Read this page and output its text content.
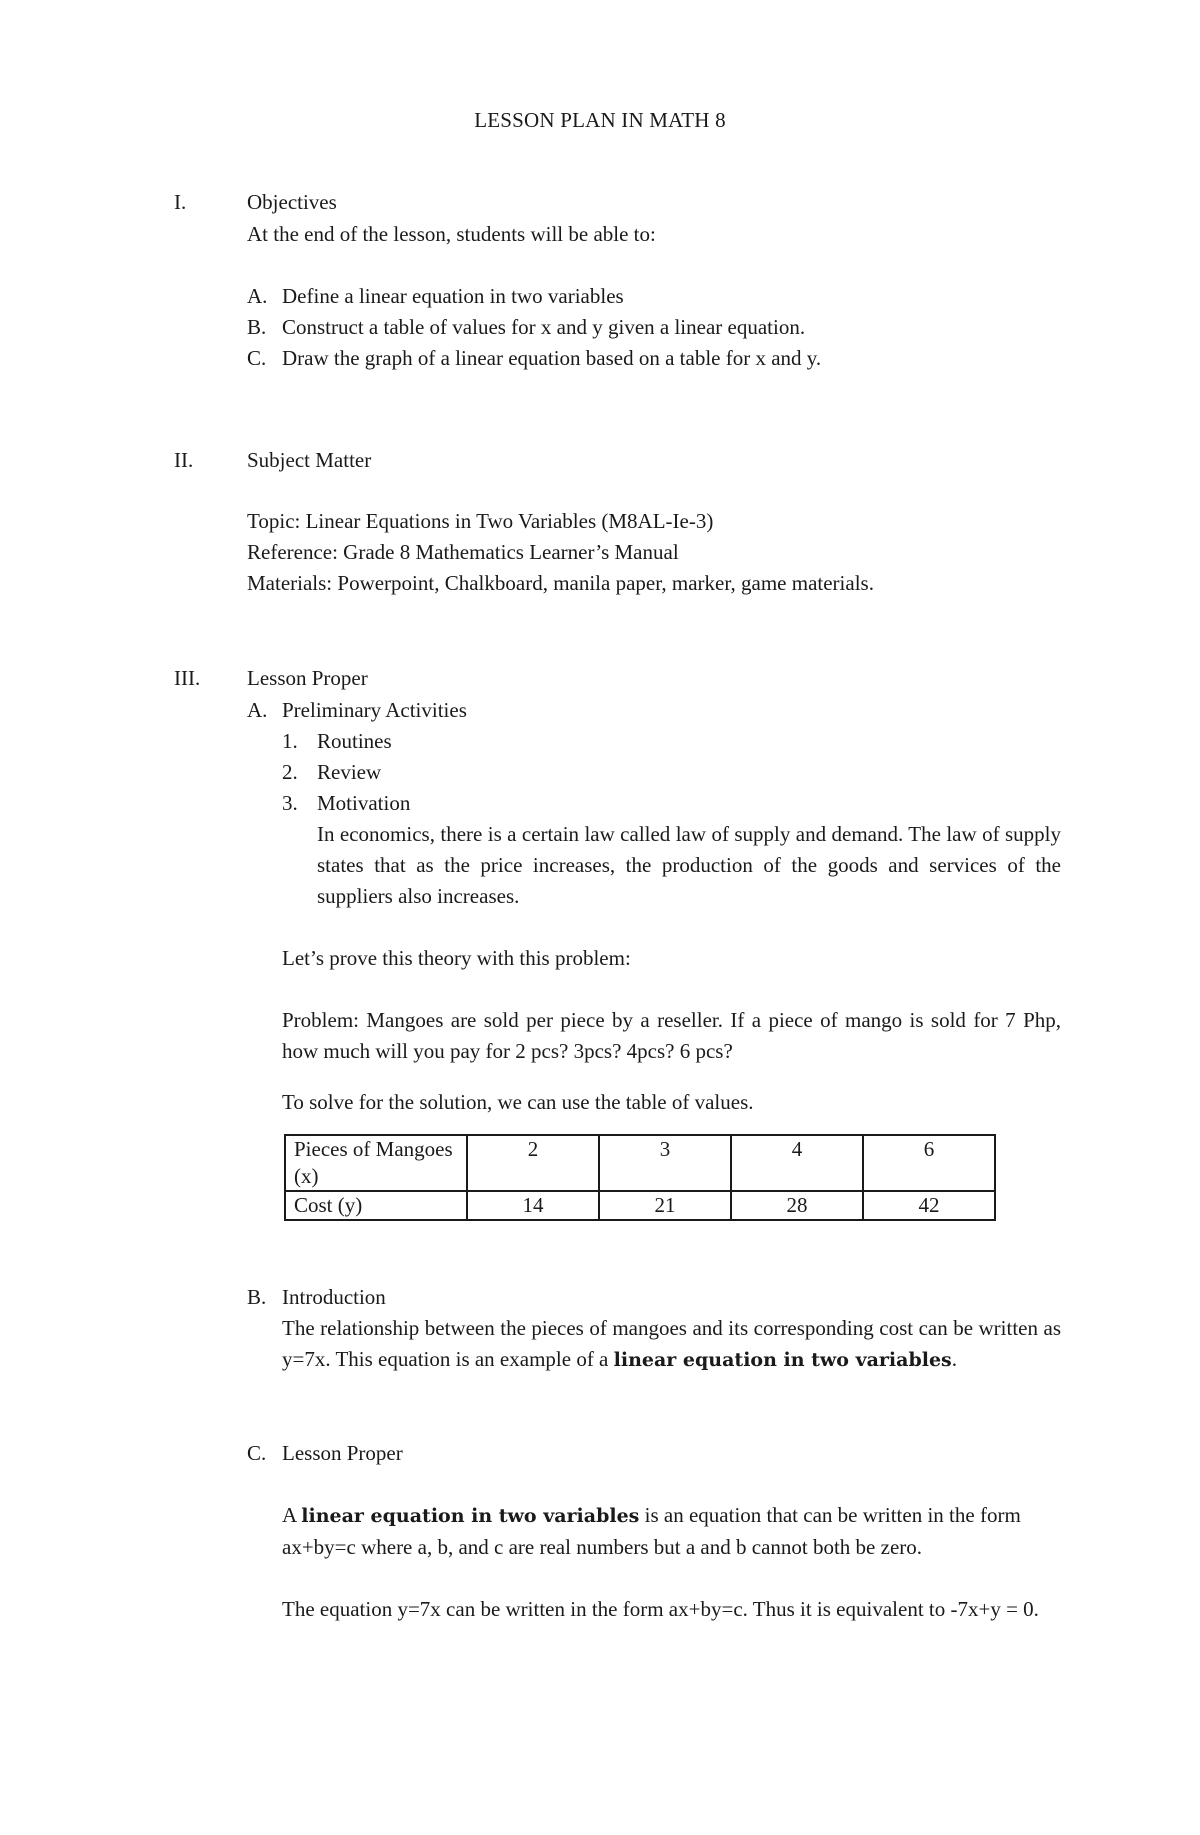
LESSON PLAN IN MATH 8
I.	Objectives
At the end of the lesson, students will be able to:
A. Define a linear equation in two variables
B. Construct a table of values for x and y given a linear equation.
C. Draw the graph of a linear equation based on a table for x and y.
II.	Subject Matter
Topic: Linear Equations in Two Variables (M8AL-Ie-3)
Reference: Grade 8 Mathematics Learner’s Manual
Materials: Powerpoint, Chalkboard, manila paper, marker, game materials.
III. Lesson Proper
A. Preliminary Activities
1. Routines
2. Review
3. Motivation
In economics, there is a certain law called law of supply and demand. The law of supply states that as the price increases, the production of the goods and services of the suppliers also increases.
Let’s prove this theory with this problem:
Problem: Mangoes are sold per piece by a reseller. If a piece of mango is sold for 7 Php, how much will you pay for 2 pcs? 3pcs? 4pcs? 6 pcs?
To solve for the solution, we can use the table of values.
Pieces of Mangoes (x)	2	3	4	6
Cost (y)	14	21	28	42
B. Introduction
The relationship between the pieces of mangoes and its corresponding cost can be written as y=7x. This equation is an example of a linear equation in two variables.
C. Lesson Proper
A linear equation in two variables is an equation that can be written in the form ax+by=c where a, b, and c are real numbers but a and b cannot both be zero.
The equation y=7x can be written in the form ax+by=c. Thus it is equivalent to -7x+y = 0.
